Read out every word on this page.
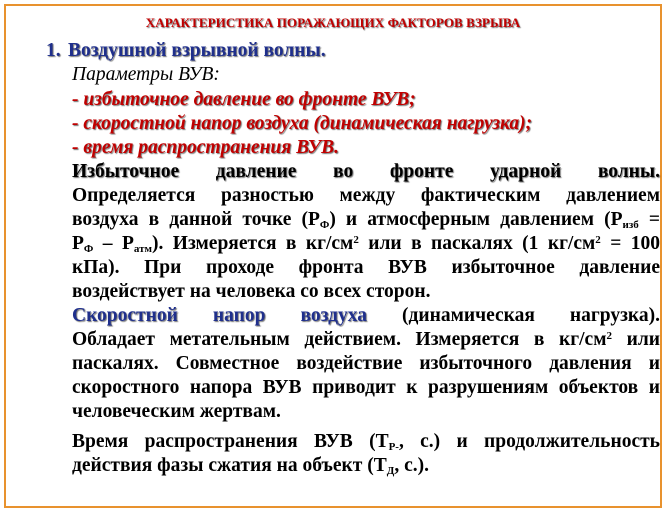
ХАРАКТЕРИСТИКА ПОРАЖАЮЩИХ ФАКТОРОВ ВЗРЫВА
1. Воздушной взрывной волны.
Параметры ВУВ:
- избыточное давление во фронте ВУВ;
- скоростной напор воздуха (динамическая нагрузка);
- время распространения ВУВ.
Избыточное давление во фронте ударной волны.
Определяется разностью между фактическим давлением
воздуха в данной точке $(Р_Ф)$ и атмосферным давлением ($Р_{изб}$ =
$Р_Ф - Р_{атм}$). Измеряется в $кг/см^2$ или в паскалях (1 $кг/см^2 = 100$
кПа). При проходе фронта ВУВ избыточное давление
воздействует на человека со всех сторон.
Скоростной напор воздуха (динамическая нагрузка).
Обладает метательным действием. Измеряется в $кг/см^2$ или
паскалях. Совместное воздействие избыточного давления и
скоростного напора ВУВ приводит к разрушениям объектов и
человеческим жертвам.
Время распространения ВУВ ($Т_{Р-}$, с.) и продолжительность
действия фазы сжатия на объект ($Т_Д$, с.).
